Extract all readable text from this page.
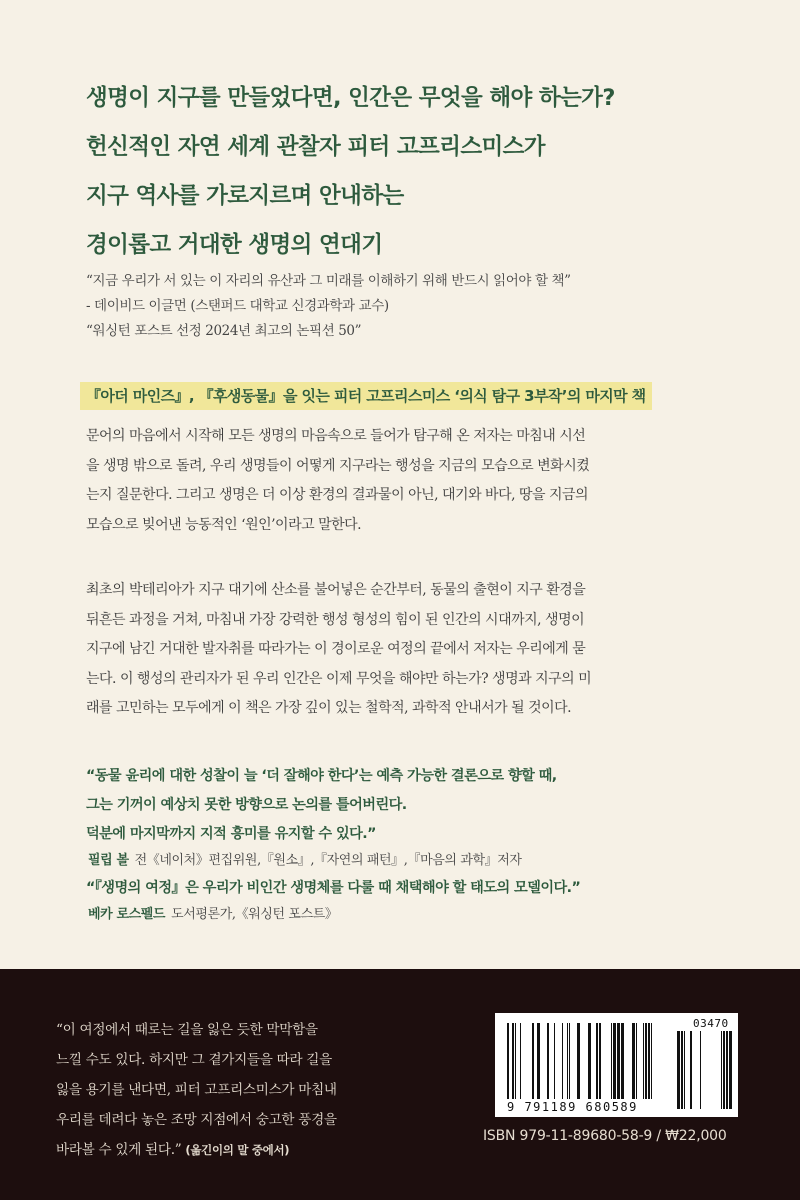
생명이 지구를 만들었다면, 인간은 무엇을 해야 하는가?
헌신적인 자연 세계 관찰자 피터 고프리스미스가
지구 역사를 가로지르며 안내하는
경이롭고 거대한 생명의 연대기
“지금 우리가 서 있는 이 자리의 유산과 그 미래를 이해하기 위해 반드시 읽어야 할 책”
- 데이비드 이글먼 (스탠퍼드 대학교 신경과학과 교수)
“워싱턴 포스트 선정 2024년 최고의 논픽션 50”
『아더 마인즈』, 『후생동물』을 잇는 피터 고프리스미스 ‘의식 탐구 3부작’의 마지막 책
문어의 마음에서 시작해 모든 생명의 마음속으로 들어가 탐구해 온 저자는 마침내 시선
을 생명 밖으로 돌려, 우리 생명들이 어떻게 지구라는 행성을 지금의 모습으로 변화시켰
는지 질문한다. 그리고 생명은 더 이상 환경의 결과물이 아닌, 대기와 바다, 땅을 지금의
모습으로 빚어낸 능동적인 ‘원인’이라고 말한다.
최초의 박테리아가 지구 대기에 산소를 불어넣은 순간부터, 동물의 출현이 지구 환경을
뒤흔든 과정을 거쳐, 마침내 가장 강력한 행성 형성의 힘이 된 인간의 시대까지, 생명이
지구에 남긴 거대한 발자취를 따라가는 이 경이로운 여정의 끝에서 저자는 우리에게 묻
는다. 이 행성의 관리자가 된 우리 인간은 이제 무엇을 해야만 하는가? 생명과 지구의 미
래를 고민하는 모두에게 이 책은 가장 깊이 있는 철학적, 과학적 안내서가 될 것이다.
“동물 윤리에 대한 성찰이 늘 ‘더 잘해야 한다’는 예측 가능한 결론으로 향할 때,
그는 기꺼이 예상치 못한 방향으로 논의를 틀어버린다.
덕분에 마지막까지 지적 흥미를 유지할 수 있다.”
필립 볼 전《네이처》편집위원,『원소』,『자연의 패턴』,『마음의 과학』저자
“『생명의 여정』은 우리가 비인간 생명체를 다룰 때 채택해야 할 태도의 모델이다.”
베카 로스펠드 도서평론가,《워싱턴 포스트》
“이 여정에서 때로는 길을 잃은 듯한 막막함을
느낄 수도 있다. 하지만 그 곁가지들을 따라 길을
잃을 용기를 낸다면, 피터 고프리스미스가 마침내
우리를 데려다 놓은 조망 지점에서 숭고한 풍경을
바라볼 수 있게 된다.” (옮긴이의 말 중에서)
9 791189 680589
03470
ISBN 979-11-89680-58-9 / ₩22,000
